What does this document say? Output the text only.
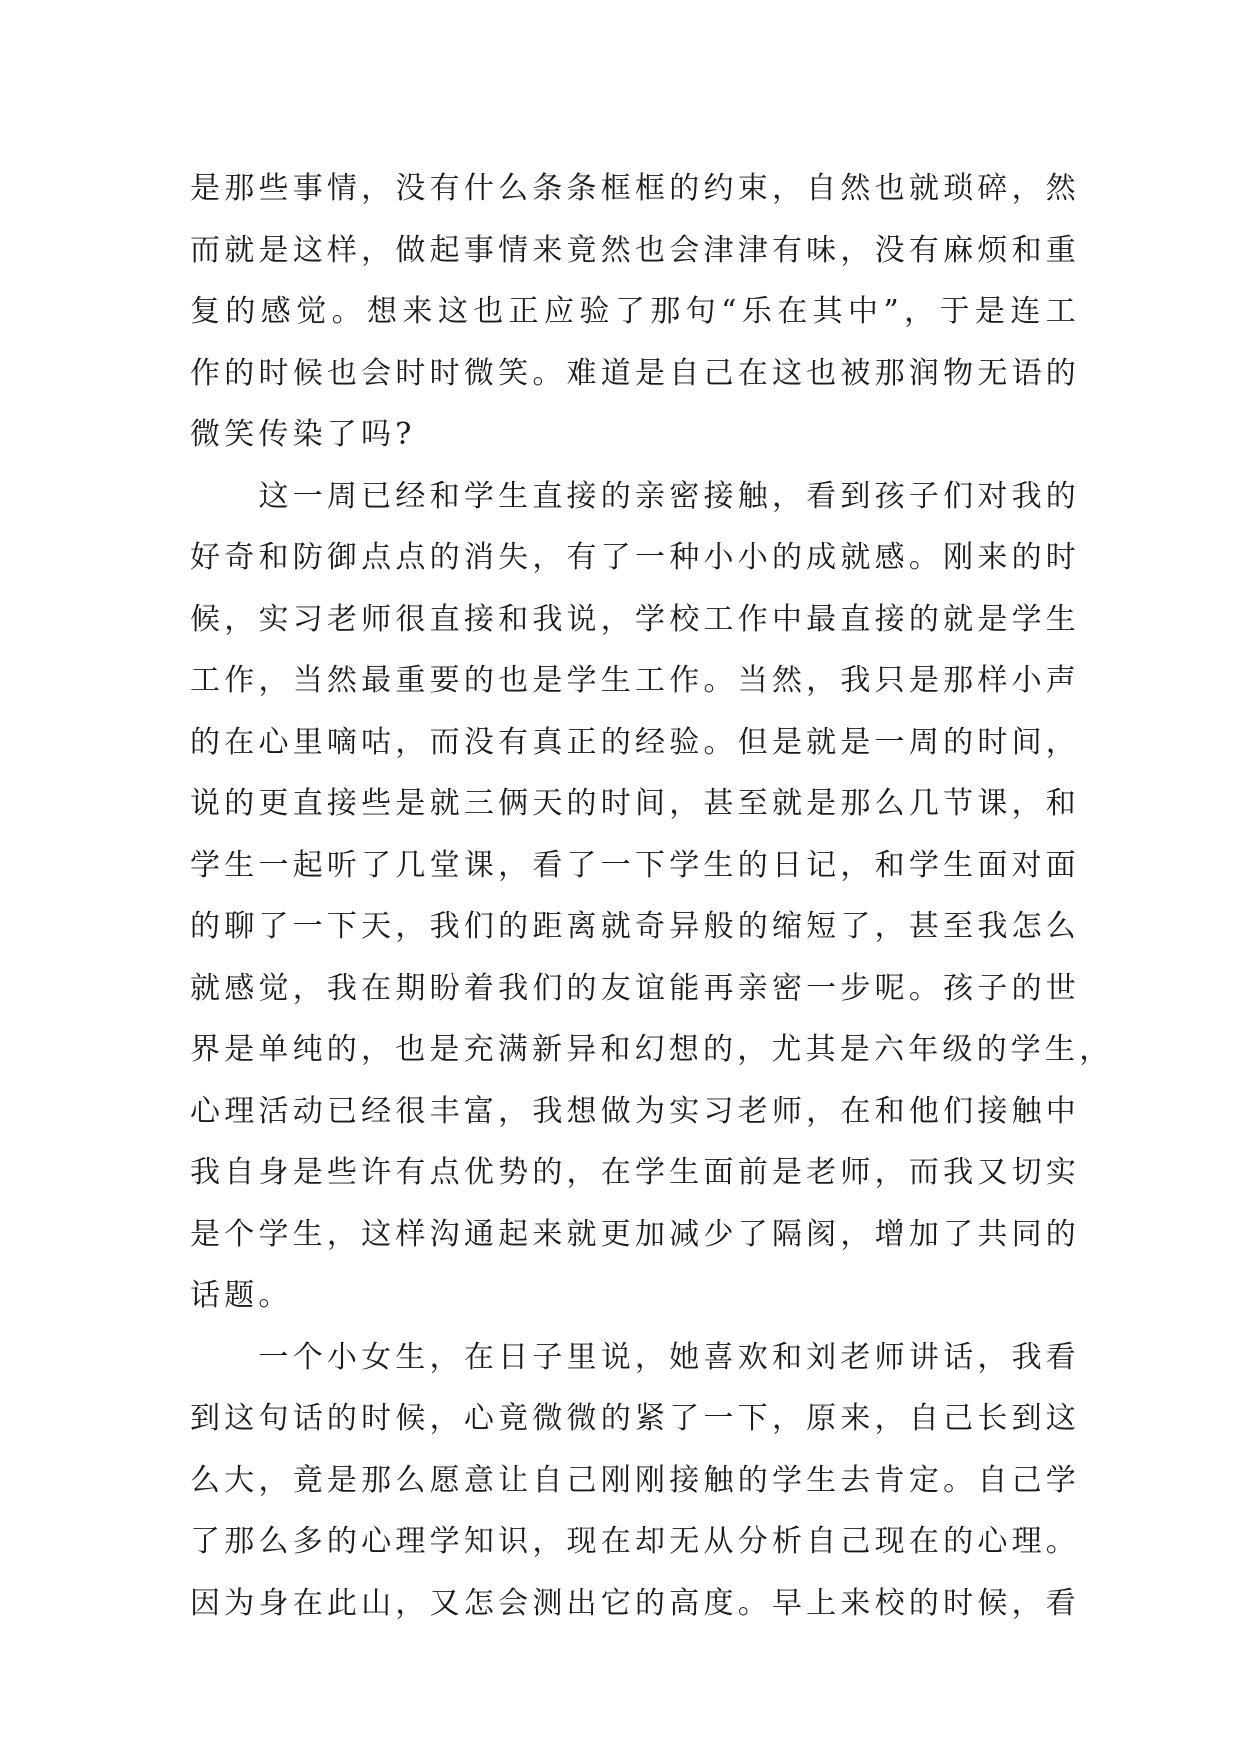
是那些事情，没有什么条条框框的约束，自然也就琐碎，然
而就是这样，做起事情来竟然也会津津有味，没有麻烦和重
复的感觉。想来这也正应验了那句“乐在其中”，于是连工
作的时候也会时时微笑。难道是自己在这也被那润物无语的
微笑传染了吗?
　　这一周已经和学生直接的亲密接触，看到孩子们对我的
好奇和防御点点的消失，有了一种小小的成就感。刚来的时
候，实习老师很直接和我说，学校工作中最直接的就是学生
工作，当然最重要的也是学生工作。当然，我只是那样小声
的在心里嘀咕，而没有真正的经验。但是就是一周的时间，
说的更直接些是就三俩天的时间，甚至就是那么几节课，和
学生一起听了几堂课，看了一下学生的日记，和学生面对面
的聊了一下天，我们的距离就奇异般的缩短了，甚至我怎么
就感觉，我在期盼着我们的友谊能再亲密一步呢。孩子的世
界是单纯的，也是充满新异和幻想的，尤其是六年级的学生，
心理活动已经很丰富，我想做为实习老师，在和他们接触中
我自身是些许有点优势的，在学生面前是老师，而我又切实
是个学生，这样沟通起来就更加减少了隔阂，增加了共同的
话题。
　　一个小女生，在日子里说，她喜欢和刘老师讲话，我看
到这句话的时候，心竟微微的紧了一下，原来，自己长到这
么大，竟是那么愿意让自己刚刚接触的学生去肯定。自己学
了那么多的心理学知识，现在却无从分析自己现在的心理。
因为身在此山，又怎会测出它的高度。早上来校的时候，看
